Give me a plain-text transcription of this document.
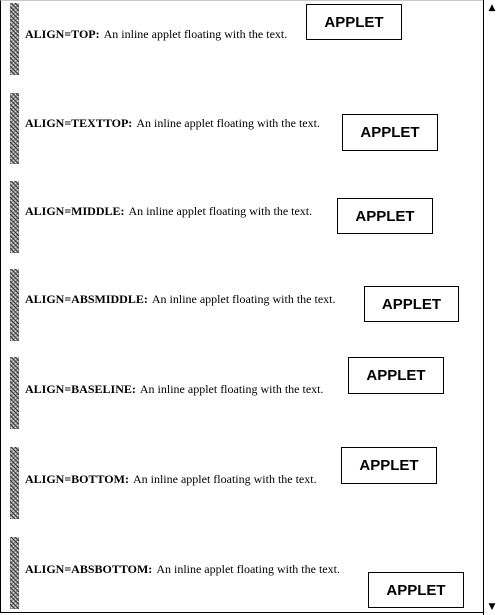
ALIGN=TOP: An inline applet floating with the text.
APPLET
ALIGN=TEXTTOP: An inline applet floating with the text.
APPLET
ALIGN=MIDDLE: An inline applet floating with the text.	APPLET
ALIGN=ABSMIDDLE: An inline applet floating with the text.	APPLET
ALIGN=BASELINE: An inline applet floating with the text.
APPLET
ALIGN=BOTTOM: An inline applet floating with the text.
APPLET
ALIGN=ABSBOTTOM: An inline applet floating with the text.
APPLET
▲
▼
